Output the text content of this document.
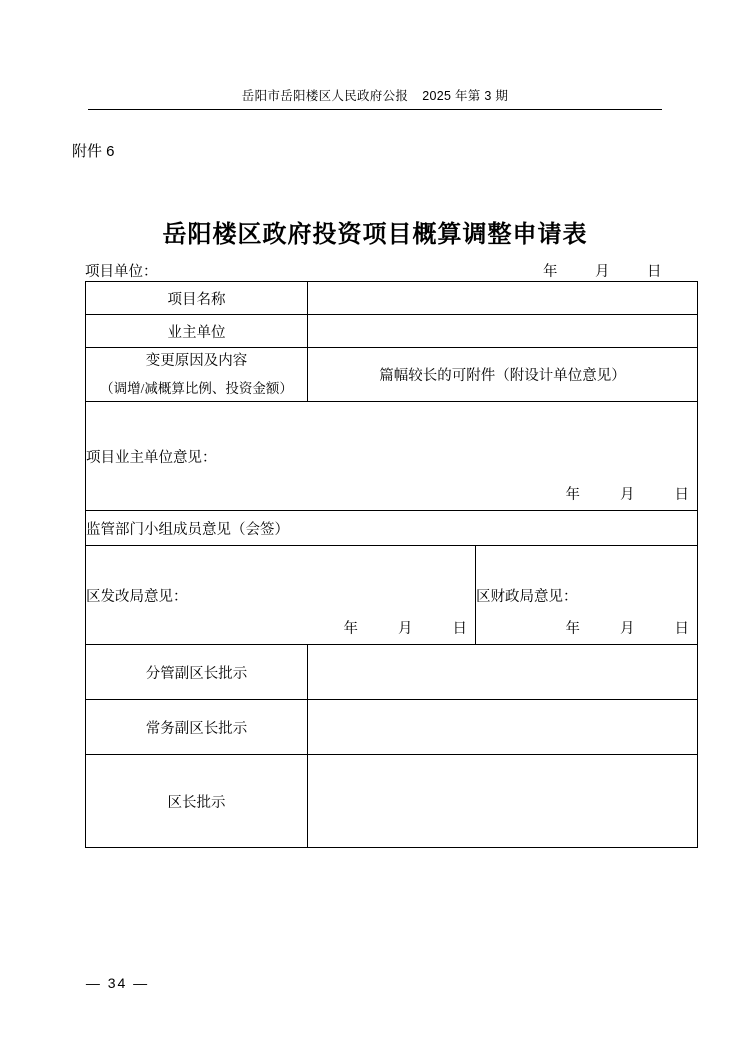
岳阳市岳阳楼区人民政府公报 2025 年第 3 期
附件 6
岳阳楼区政府投资项目概算调整申请表
项目单位：	年	月	日
项目名称		
业主单位		

变更原因及内容
（调增/减概算比例、投资金额）	篇幅较长的可附件（附设计单位意见）	

项目业主单位意见：
年 月 日		

监管部门小组成员意见（会签）		

区发改局意见：
年	月	日

区财政局意见：
年	月	日

分管副区长批示		
常务副区长批示		
区长批示		
— 34 —
